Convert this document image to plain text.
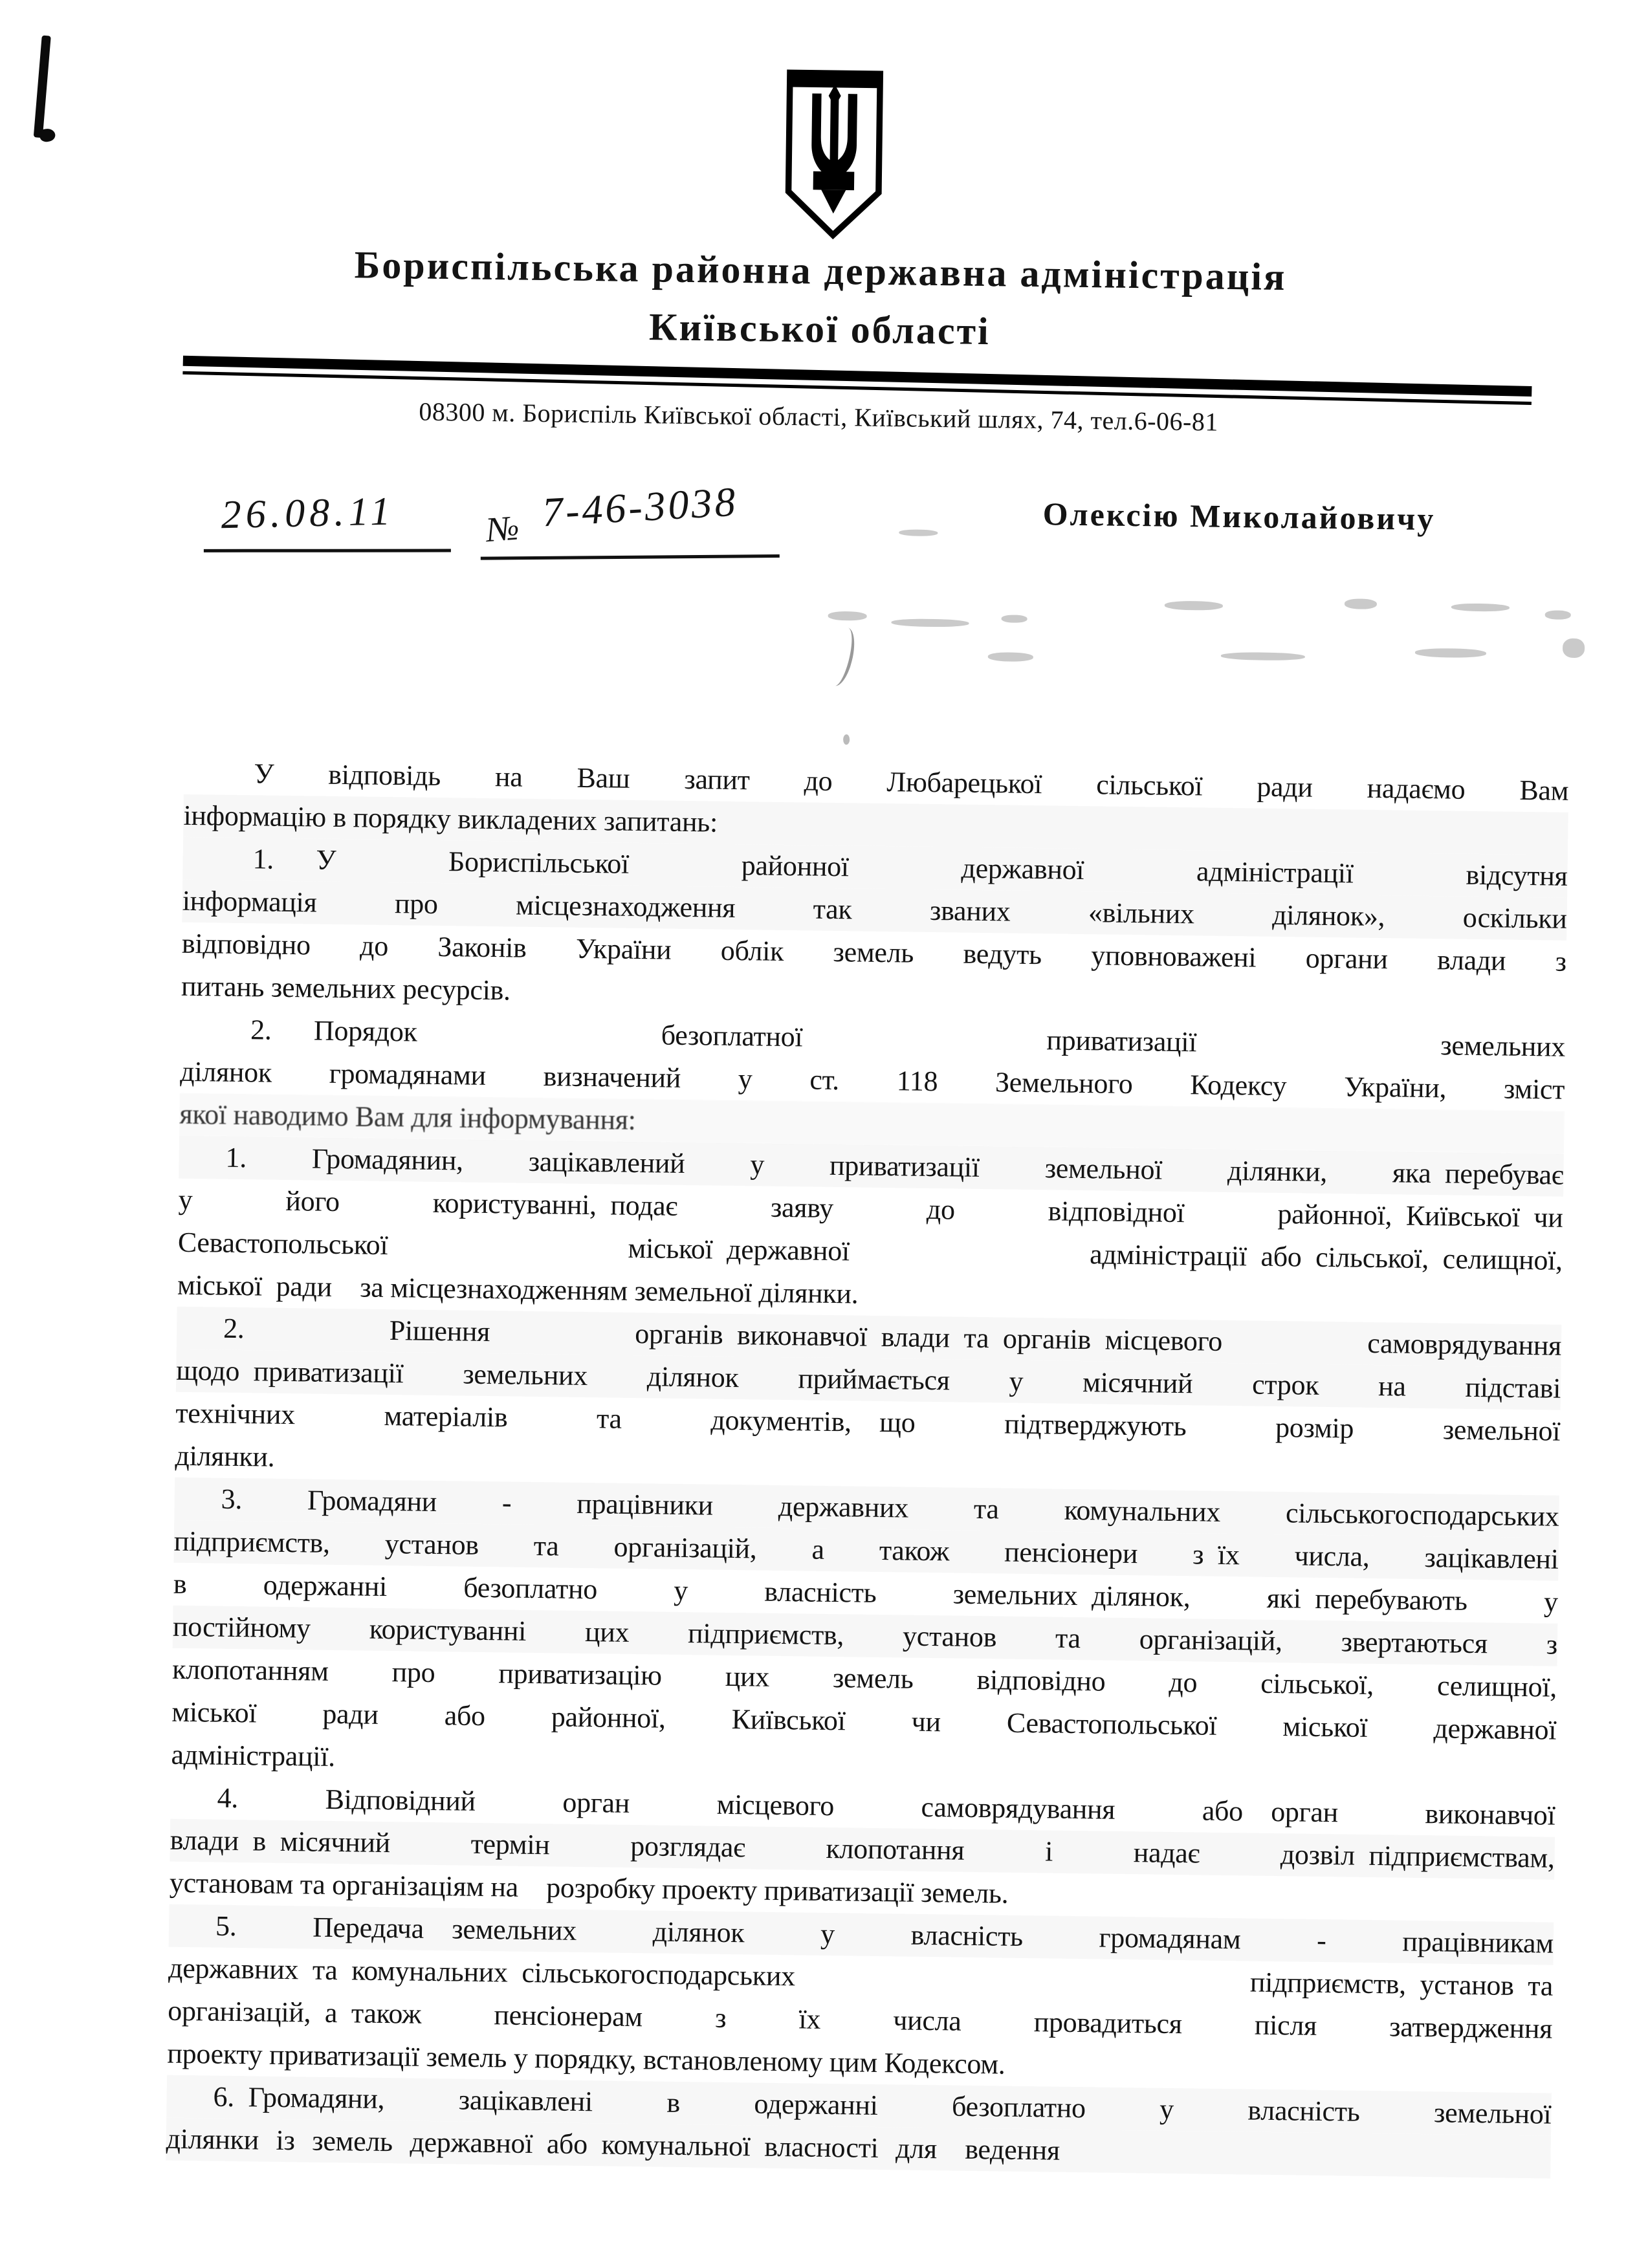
Бориспільська районна державна адміністрація
Київської області
08300 м. Бориспіль Київської області, Київський шлях, 74, тел.6-06-81
26.08.11	№ 7-46-3038	Олексію Миколайовичу
У відповідь на Ваш запит до Любарецької сільської ради надаємо Вам
інформацію в порядку викладених запитань:
1.  У Бориспільської районної державної адміністрації відсутня
інформація про місцезнаходження так званих «вільних ділянок», оскільки
відповідно до Законів України облік земель ведуть уповноважені органи влади з
питань земельних ресурсів.
2.  Порядок безоплатної приватизації земельних
ділянок громадянами визначений у ст. 118 Земельного Кодексу України, зміст
якої наводимо Вам для інформування:
1. Громадянин, зацікавлений у приватизації земельної ділянки, яка перебуває
у його користуванні, подає заяву до відповідної районної, Київської чи
Севастопольської міської державної адміністрації або сільської, селищної,
міської ради  за місцезнаходженням земельної ділянки.
2. Рішення органів виконавчої влади та органів місцевого самоврядування
щодо приватизації земельних ділянок приймається у місячний строк на підставі
технічних матеріалів та документів,  що підтверджують розмір земельної
ділянки.
3. Громадяни - працівники державних та комунальних сільськогосподарських
підприємств, установ та організацій, а також пенсіонери з їх числа, зацікавлені
в одержанні безоплатно у власність земельних ділянок, які перебувають у
постійному користуванні цих підприємств, установ та організацій, звертаються з
клопотанням про приватизацію цих земель відповідно до сільської, селищної,
міської ради або районної, Київської чи Севастопольської міської державної
адміністрації.
4. Відповідний орган місцевого самоврядування або  орган виконавчої
влади в місячний термін розглядає клопотання і надає дозвіл підприємствам,
установам та організаціям на  розробку проекту приватизації земель.
5. Передача  земельних ділянок у власність громадянам - працівникам
державних та комунальних сільськогосподарських підприємств, установ та
організацій, а також пенсіонерам з їх числа провадиться після затвердження
проекту приватизації земель у порядку, встановленому цим Кодексом.
6. Громадяни, зацікавлені в одержанні безоплатно у власність земельної
ділянки із земель державної або комунальної власності для  ведення
